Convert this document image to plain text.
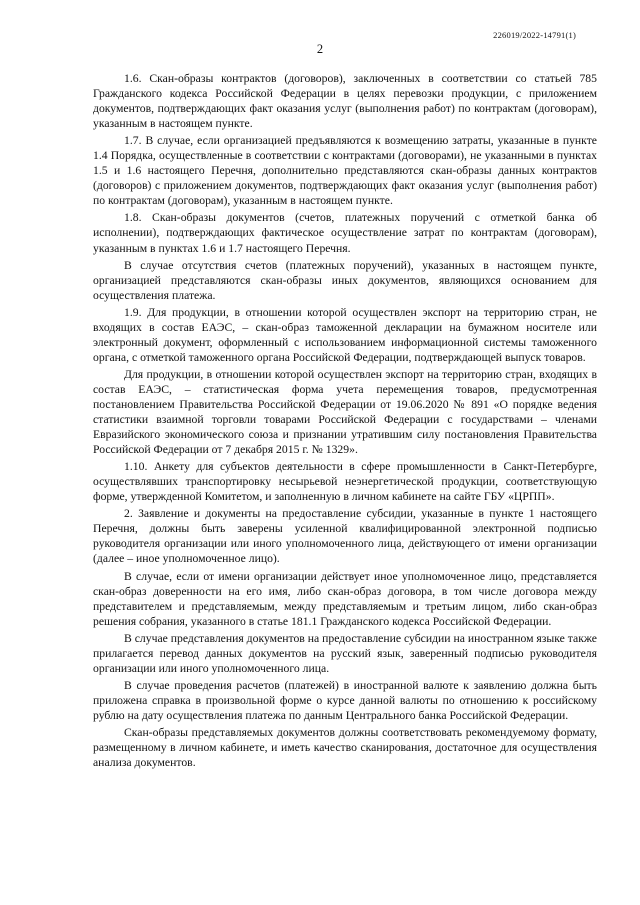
226019/2022-14791(1)
2

1.6. Скан-образы контрактов (договоров), заключенных в соответствии со статьей 785 Гражданского кодекса Российской Федерации в целях перевозки продукции, с приложением документов, подтверждающих факт оказания услуг (выполнения работ) по контрактам (договорам), указанным в настоящем пункте.

1.7. В случае, если организацией предъявляются к возмещению затраты, указанные в пункте 1.4 Порядка, осуществленные в соответствии с контрактами (договорами), не указанными в пунктах 1.5 и 1.6 настоящего Перечня, дополнительно представляются скан-образы данных контрактов (договоров) с приложением документов, подтверждающих факт оказания услуг (выполнения работ) по контрактам (договорам), указанным в настоящем пункте.

1.8. Скан-образы документов (счетов, платежных поручений с отметкой банка об исполнении), подтверждающих фактическое осуществление затрат по контрактам (договорам), указанным в пунктах 1.6 и 1.7 настоящего Перечня.

В случае отсутствия счетов (платежных поручений), указанных в настоящем пункте, организацией представляются скан-образы иных документов, являющихся основанием для осуществления платежа.

1.9. Для продукции, в отношении которой осуществлен экспорт на территорию стран, не входящих в состав ЕАЭС, – скан-образ таможенной декларации на бумажном носителе или электронный документ, оформленный с использованием информационной системы таможенного органа, с отметкой таможенного органа Российской Федерации, подтверждающей выпуск товаров.

Для продукции, в отношении которой осуществлен экспорт на территорию стран, входящих в состав ЕАЭС, – статистическая форма учета перемещения товаров, предусмотренная постановлением Правительства Российской Федерации от 19.06.2020 № 891 «О порядке ведения статистики взаимной торговли товарами Российской Федерации с государствами – членами Евразийского экономического союза и признании утратившим силу постановления Правительства Российской Федерации от 7 декабря 2015 г. № 1329».

1.10. Анкету для субъектов деятельности в сфере промышленности в Санкт-Петербурге, осуществлявших транспортировку несырьевой неэнергетической продукции, соответствующую форме, утвержденной Комитетом, и заполненную в личном кабинете на сайте ГБУ «ЦРПП».

2. Заявление и документы на предоставление субсидии, указанные в пункте 1 настоящего Перечня, должны быть заверены усиленной квалифицированной электронной подписью руководителя организации или иного уполномоченного лица, действующего от имени организации (далее – иное уполномоченное лицо).

В случае, если от имени организации действует иное уполномоченное лицо, представляется скан-образ доверенности на его имя, либо скан-образ договора, в том числе договора между представителем и представляемым, между представляемым и третьим лицом, либо скан-образ решения собрания, указанного в статье 181.1 Гражданского кодекса Российской Федерации.

В случае представления документов на предоставление субсидии на иностранном языке также прилагается перевод данных документов на русский язык, заверенный подписью руководителя организации или иного уполномоченного лица.

В случае проведения расчетов (платежей) в иностранной валюте к заявлению должна быть приложена справка в произвольной форме о курсе данной валюты по отношению к российскому рублю на дату осуществления платежа по данным Центрального банка Российской Федерации.

Скан-образы представляемых документов должны соответствовать рекомендуемому формату, размещенному в личном кабинете, и иметь качество сканирования, достаточное для осуществления анализа документов.
